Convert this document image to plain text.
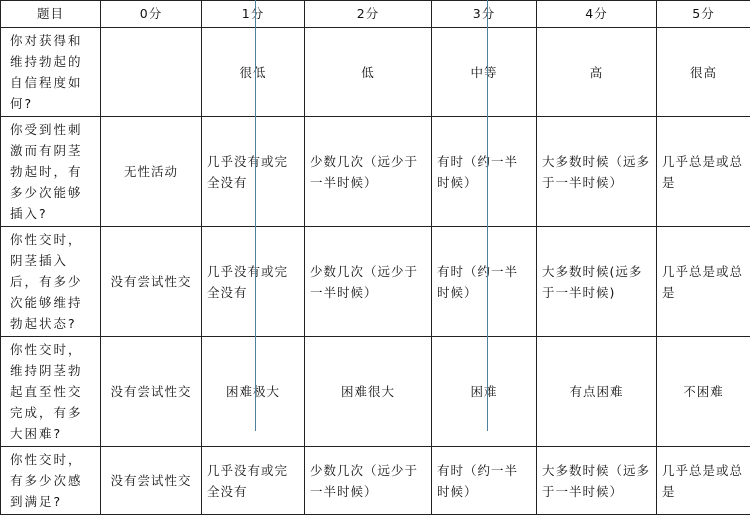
题目	0分	1分	2分	3分	4分	5分
你对获得和维持勃起的自信程度如何?		很低	低	中等	高	很高
你受到性刺激而有阴茎勃起时，有多少次能够插入?	无性活动	几乎没有或完全没有	少数几次（远少于一半时候）	有时（约一半时候）	大多数时候（远多于一半时候）	几乎总是或总是
你性交时，阴茎插入后，有多少次能够维持勃起状态?	没有尝试性交	几乎没有或完全没有	少数几次（远少于一半时候）	有时（约一半时候）	大多数时候(远多于一半时候)	几乎总是或总是
你性交时，维持阴茎勃起直至性交完成，有多大困难?	没有尝试性交	困难极大	困难很大	困难	有点困难	不困难
你性交时，有多少次感到满足?	没有尝试性交	几乎没有或完全没有	少数几次（远少于一半时候）	有时（约一半时候）	大多数时候（远多于一半时候）	几乎总是或总是
